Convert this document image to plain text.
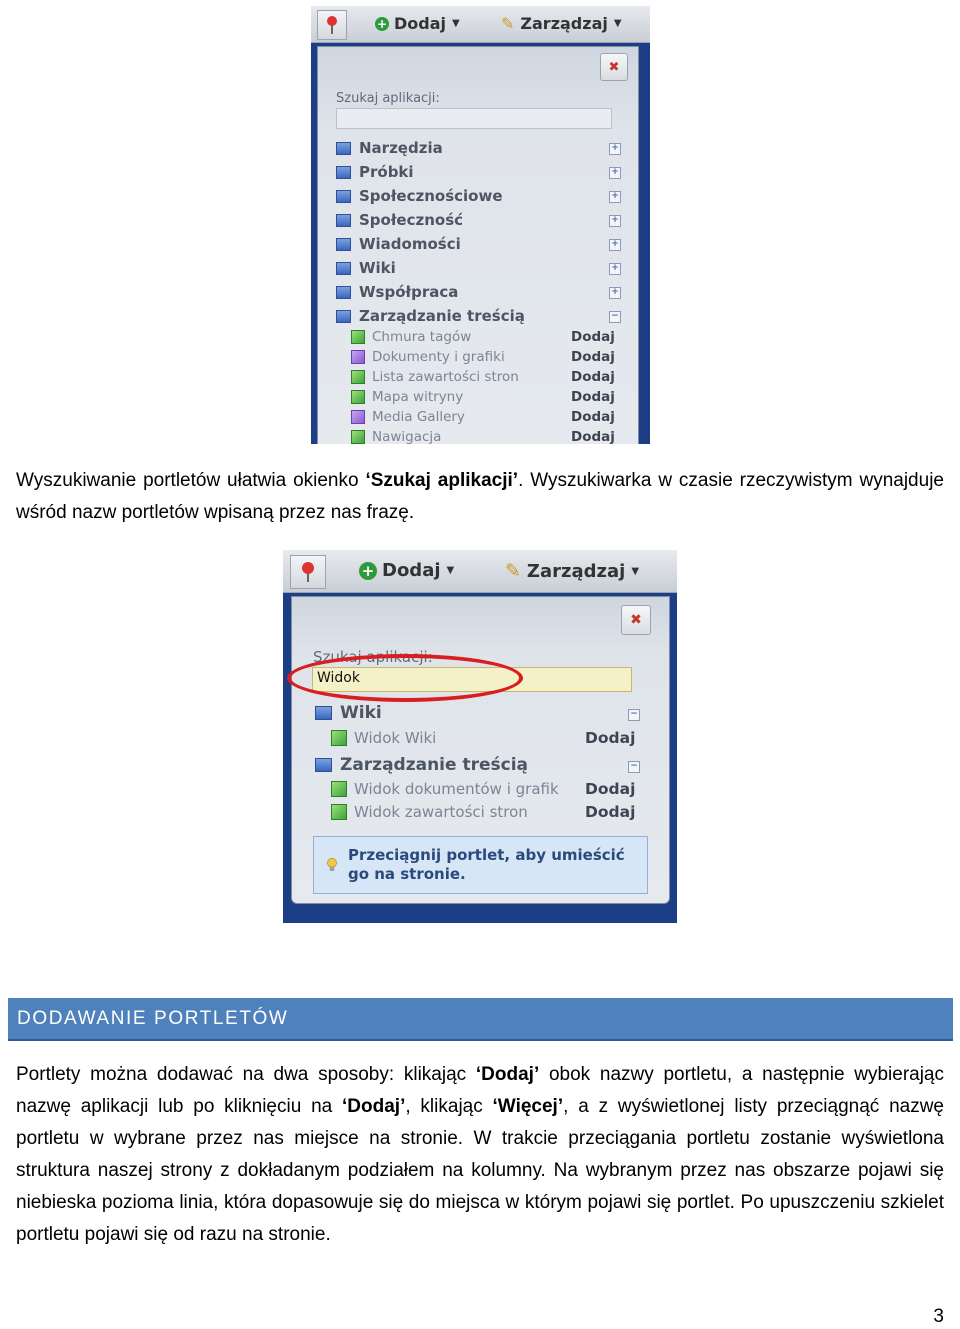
+ Dodaj ▼	✎ Zarządzaj ▼
✖
Szukaj aplikacji:
Narzędzia	+
Próbki	+
Społecznościowe	+
Społeczność	+
Wiadomości	+
Wiki	+
Współpraca	+
Zarządzanie treścią	−
Chmura tagów	Dodaj
Dokumenty i grafiki	Dodaj
Lista zawartości stron	Dodaj
Mapa witryny	Dodaj
Media Gallery	Dodaj
Nawigacja	Dodaj

Wyszukiwanie portletów ułatwia okienko ‘Szukaj aplikacji’. Wyszukiwarka w czasie rzeczywistym wynajduje wśród nazw portletów wpisaną przez nas frazę.

+ Dodaj ▼	✎ Zarządzaj ▼
✖
Szukaj aplikacji:
Widok
Wiki	−
Widok Wiki	Dodaj
Zarządzanie treścią	−
Widok dokumentów i grafik Dodaj
Widok zawartości stron	Dodaj
Przeciągnij portlet, aby umieścić go na stronie.
DODAWANIE PORTLETÓW

Portlety można dodawać na dwa sposoby: klikając ‘Dodaj’ obok nazwy portletu, a następnie wybierając nazwę aplikacji lub po kliknięciu na ‘Dodaj’, klikając ‘Więcej’, a z wyświetlonej listy przeciągnąć nazwę portletu w wybrane przez nas miejsce na stronie. W trakcie przeciągania portletu zostanie wyświetlona struktura naszej strony z dokładanym podziałem na kolumny. Na wybranym przez nas obszarze pojawi się niebieska pozioma linia, która dopasowuje się do miejsca w którym pojawi się portlet. Po upuszczeniu szkielet portletu pojawi się od razu na stronie.

3
